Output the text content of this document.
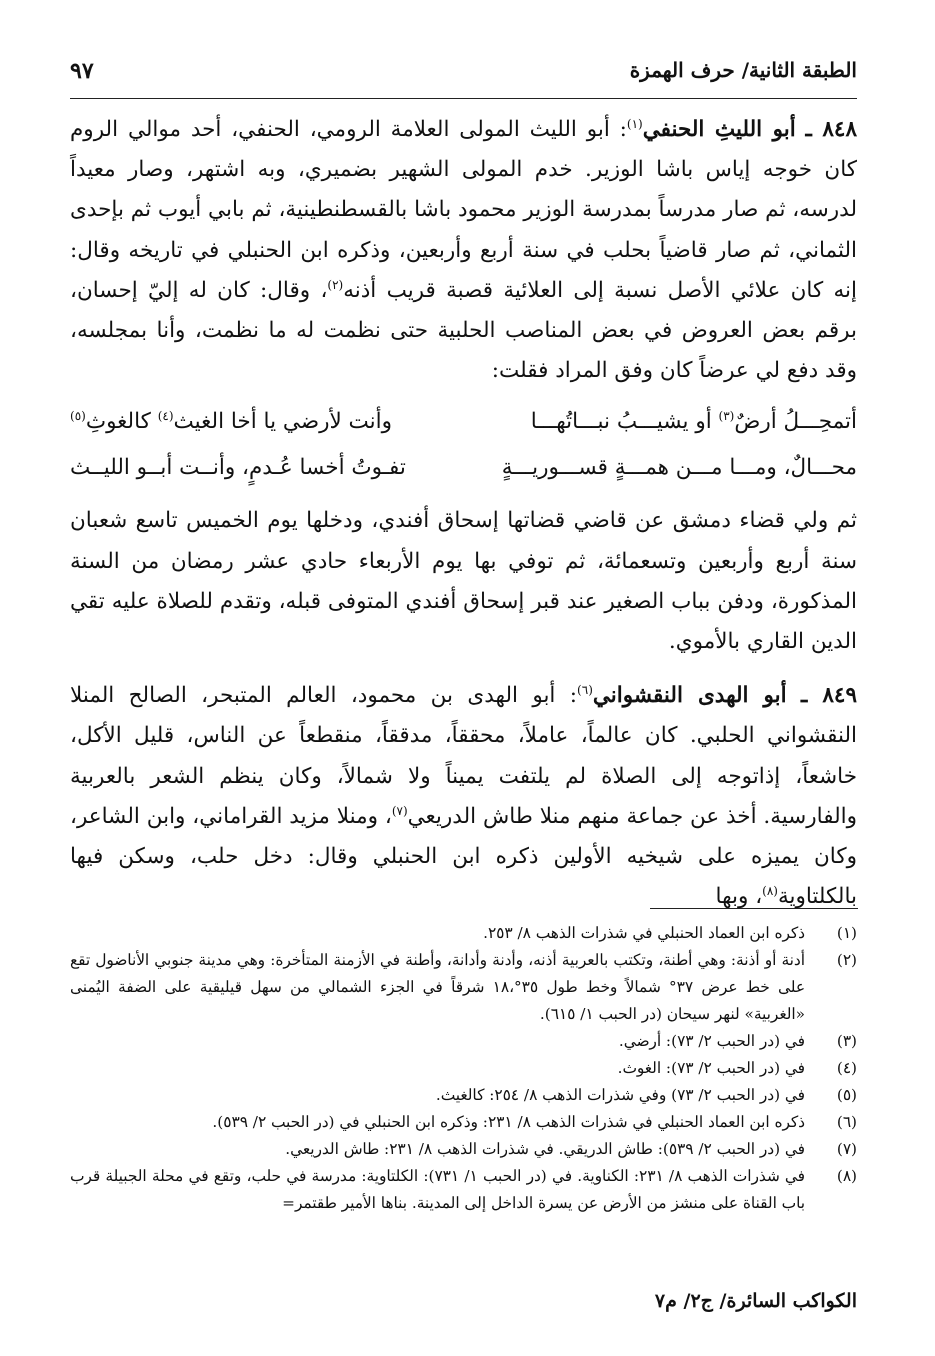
الطبقة الثانية/ حرف الهمزة
٩٧

٨٤٨ ـ أبو الليثِ الحنفي$^{(١)}$: أبو الليث المولى العلامة الرومي، الحنفي، أحد موالي الروم كان خوجه إياس باشا الوزير. خدم المولى الشهير بضميري، وبه اشتهر، وصار معيداً لدرسه، ثم صار مدرساً بمدرسة الوزير محمود باشا بالقسطنطينية، ثم بابي أيوب ثم بإحدى الثماني، ثم صار قاضياً بحلب في سنة أربع وأربعين، وذكره ابن الحنبلي في تاريخه وقال: إنه كان علائي الأصل نسبة إلى العلائية قصبة قريب أذنه$^{(٢)}$، وقال: كان له إليّ إحسان، برقم بعض العروض في بعض المناصب الحلبية حتى نظمت له ما نظمت، وأنا بمجلسه، وقد دفع لي عرضاً كان وفق المراد فقلت:

أتمحِـــلُ أرضٌ$^{(٣)}$ أو يشيـــبُ نبـــاتُهـــا
وأنت لأرضي يا أخا الغيث$^{(٤)}$ كالغوثِ$^{(٥)}$
محـــالٌ، ومـــا مـــن همـــةٍ قســـوريـــةٍ
تفـوتُ أخسا عُـدمٍ، وأنــت أبــو الليــث

ثم ولي قضاء دمشق عن قاضي قضاتها إسحاق أفندي، ودخلها يوم الخميس تاسع شعبان سنة أربع وأربعين وتسعمائة، ثم توفي بها يوم الأربعاء حادي عشر رمضان من السنة المذكورة، ودفن بباب الصغير عند قبر إسحاق أفندي المتوفى قبله، وتقدم للصلاة عليه تقي الدين القاري بالأموي.

٨٤٩ ـ أبو الهدى النقشواني$^{(٦)}$: أبو الهدى بن محمود، العالم المتبحر، الصالح المنلا النقشواني الحلبي. كان عالماً، عاملاً، محققاً، مدققاً، منقطعاً عن الناس، قليل الأكل، خاشعاً، إذاتوجه إلى الصلاة لم يلتفت يميناً ولا شمالاً، وكان ينظم الشعر بالعربية والفارسية. أخذ عن جماعة منهم منلا طاش الدريعي$^{(٧)}$، ومنلا مزيد القراماني، وابن الشاعر، وكان يميزه على شيخيه الأولين ذكره ابن الحنبلي وقال: دخل حلب، وسكن فيها بالكلتاوية$^{(٨)}$، وبها

(١)
ذكره ابن العماد الحنبلي في شذرات الذهب ٨/ ٢٥٣.
(٢)
أدنة أو أذنة: وهي أطنة، وتكتب بالعربية أذنه، وأدنة وأدانة، وأطنة في الأزمنة المتأخرة: وهي مدينة جنوبي الأناضول تقع على خط عرض ٣٧° شمالاً وخط طول ٣٥°،١٨ شرقاً في الجزء الشمالي من سهل قيليقية على الضفة اليُمنى «الغربية» لنهر سيحان (در الحبب ١/ ٦١٥).
(٣)
في (در الحبب ٢/ ٧٣): أرضي.
(٤)
في (در الحبب ٢/ ٧٣): الغوث.
(٥)
في (در الحبب ٢/ ٧٣) وفي شذرات الذهب ٨/ ٢٥٤: كالغيث.
(٦)
ذكره ابن العماد الحنبلي في شذرات الذهب ٨/ ٢٣١: وذكره ابن الحنبلي في (در الحبب ٢/ ٥٣٩).
(٧)
في (در الحبب ٢/ ٥٣٩): طاش الدريقي. في شذرات الذهب ٨/ ٢٣١: طاش الدريعي.
(٨)
في شذرات الذهب ٨/ ٢٣١: الكناوية. في (در الحبب ١/ ٧٣١): الكلتاوية: مدرسة في حلب، وتقع في محلة الجبيلة قرب باب القناة على منشز من الأرض عن يسرة الداخل إلى المدينة. بناها الأمير طقتمر=
الكواكب السائرة/ ج٢/ م٧
